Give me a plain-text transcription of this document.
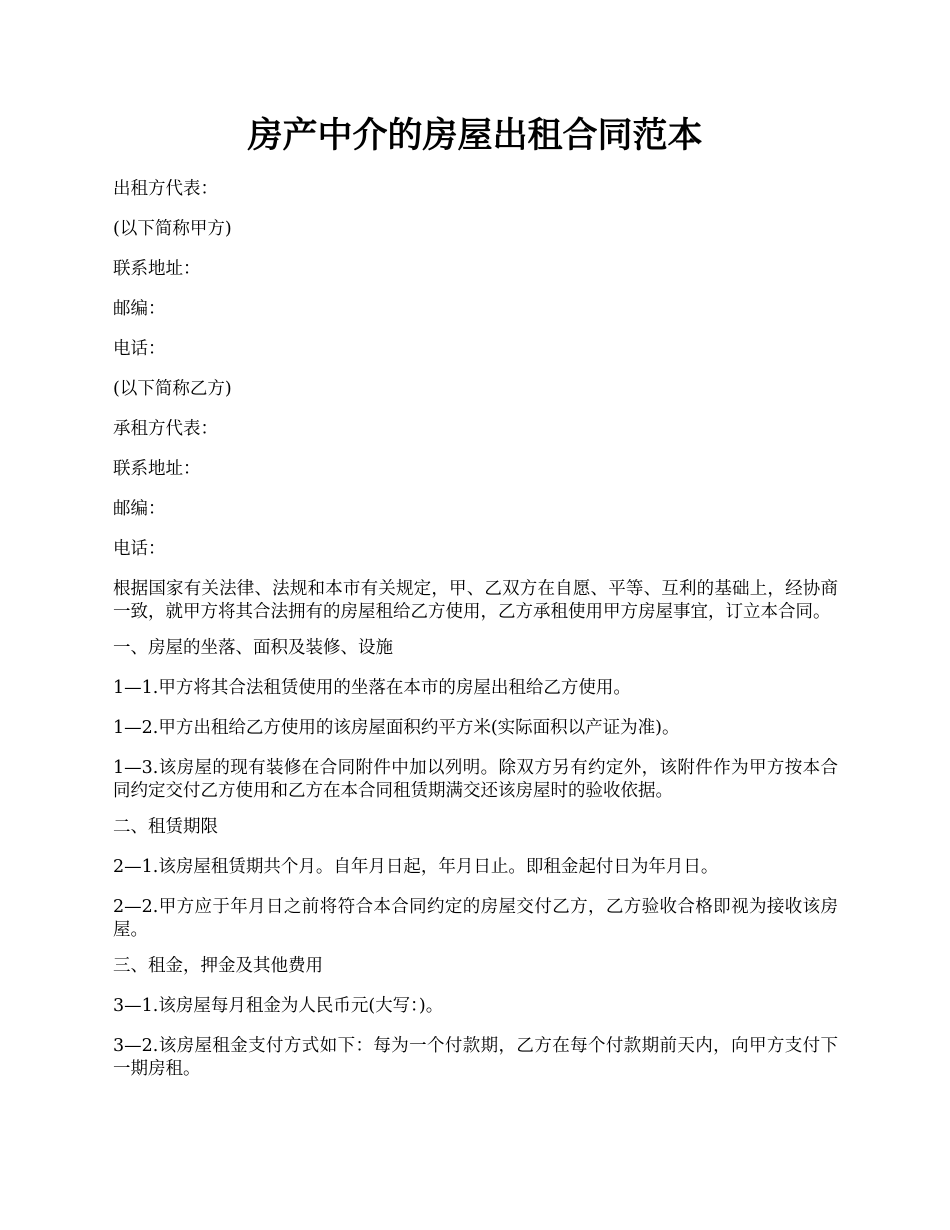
房产中介的房屋出租合同范本

出租方代表：

(以下简称甲方)

联系地址：

邮编：

电话：

(以下简称乙方)

承租方代表：

联系地址：

邮编：

电话：

根据国家有关法律、法规和本市有关规定，甲、乙双方在自愿、平等、互利的基础上，经协商一致，就甲方将其合法拥有的房屋租给乙方使用，乙方承租使用甲方房屋事宜，订立本合同。

一、房屋的坐落、面积及装修、设施

1—1.甲方将其合法租赁使用的坐落在本市的房屋出租给乙方使用。

1—2.甲方出租给乙方使用的该房屋面积约平方米(实际面积以产证为准)。

1—3.该房屋的现有装修在合同附件中加以列明。除双方另有约定外，该附件作为甲方按本合同约定交付乙方使用和乙方在本合同租赁期满交还该房屋时的验收依据。

二、租赁期限

2—1.该房屋租赁期共个月。自年月日起，年月日止。即租金起付日为年月日。

2—2.甲方应于年月日之前将符合本合同约定的房屋交付乙方，乙方验收合格即视为接收该房屋。

三、租金，押金及其他费用

3—1.该房屋每月租金为人民币元(大写：)。

3—2.该房屋租金支付方式如下：每为一个付款期，乙方在每个付款期前天内，向甲方支付下一期房租。
